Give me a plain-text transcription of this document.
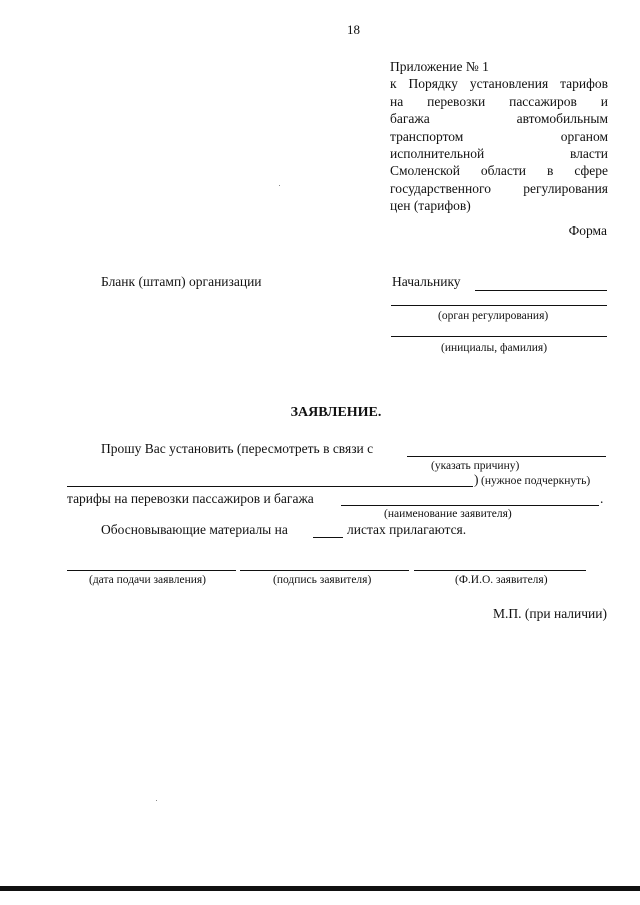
18
Приложение № 1
к Порядку установления тарифов
на перевозки пассажиров и
багажа автомобильным
транспортом органом
исполнительной власти
Смоленской области в сфере
государственного регулирования
цен (тарифов)
Форма
Бланк (штамп) организации	Начальнику
(орган регулирования)
(инициалы, фамилия)
ЗАЯВЛЕНИЕ.
Прошу Вас установить (пересмотреть в связи с
(указать причину)
) (нужное подчеркнуть)
тарифы на перевозки пассажиров и багажа	.
(наименование заявителя)
Обосновывающие материалы на	листах прилагаются.
(дата подачи заявления)	(подпись заявителя)	(Ф.И.О. заявителя)
М.П. (при наличии)
